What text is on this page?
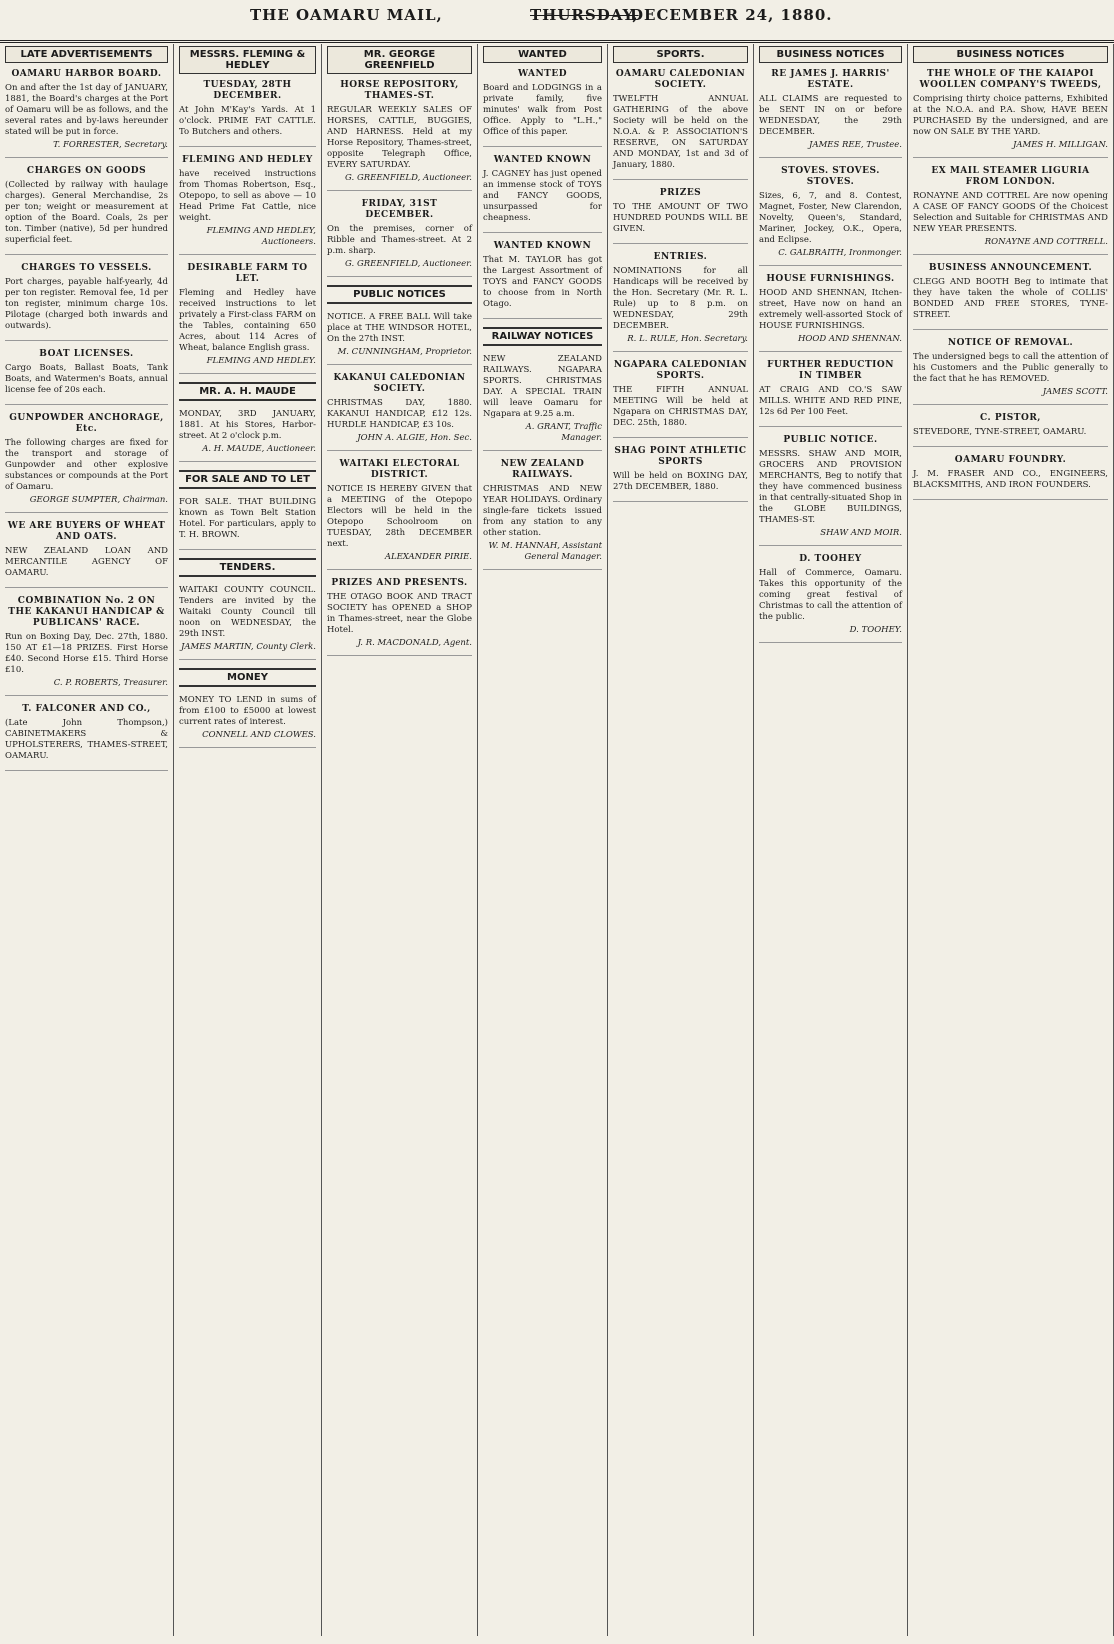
THE OAMARU MAIL,	THURSDAY,
DECEMBER 24, 1880.
LATE ADVERTISEMENTS
OAMARU HARBOR BOARD.
On and after the 1st day of JANUARY, 1881, the Board's charges at the Port of Oamaru will be as follows, and the several rates and by-laws hereunder stated will be put in force.
T. FORRESTER, Secretary.
CHARGES ON GOODS
(Collected by railway with haulage charges). General Merchandise, 2s per ton; weight or measurement at option of the Board. Coals, 2s per ton. Timber (native), 5d per hundred superficial feet.
CHARGES TO VESSELS.
Port charges, payable half-yearly, 4d per ton register. Removal fee, 1d per ton register, minimum charge 10s. Pilotage (charged both inwards and outwards).
BOAT LICENSES.
Cargo Boats, Ballast Boats, Tank Boats, and Watermen's Boats, annual license fee of 20s each.
GUNPOWDER ANCHORAGE, Etc.
The following charges are fixed for the transport and storage of Gunpowder and other explosive substances or compounds at the Port of Oamaru.
GEORGE SUMPTER, Chairman.
WE ARE BUYERS OF WHEAT AND OATS.
NEW ZEALAND LOAN AND MERCANTILE AGENCY OF OAMARU.
COMBINATION No. 2 ON THE KAKANUI HANDICAP & PUBLICANS' RACE.
Run on Boxing Day, Dec. 27th, 1880. 150 AT £1—18 PRIZES. First Horse £40. Second Horse £15. Third Horse £10.
C. P. ROBERTS, Treasurer.
T. FALCONER AND CO.,
(Late John Thompson,) CABINETMAKERS & UPHOLSTERERS, THAMES-STREET, OAMARU.
MESSRS. FLEMING & HEDLEY
TUESDAY, 28TH DECEMBER.
At John M'Kay's Yards. At 1 o'clock. PRIME FAT CATTLE. To Butchers and others.
FLEMING AND HEDLEY
have received instructions from Thomas Robertson, Esq., Otepopo, to sell as above — 10 Head Prime Fat Cattle, nice weight.
FLEMING AND HEDLEY, Auctioneers.
DESIRABLE FARM TO LET.
Fleming and Hedley have received instructions to let privately a First-class FARM on the Tables, containing 650 Acres, about 114 Acres of Wheat, balance English grass.
FLEMING AND HEDLEY.
MR. A. H. MAUDE
MONDAY, 3RD JANUARY, 1881. At his Stores, Harbor-street. At 2 o'clock p.m.
A. H. MAUDE, Auctioneer.
FOR SALE AND TO LET
FOR SALE. THAT BUILDING known as Town Belt Station Hotel. For particulars, apply to T. H. BROWN.
TENDERS.
WAITAKI COUNTY COUNCIL. Tenders are invited by the Waitaki County Council till noon on WEDNESDAY, the 29th INST.
JAMES MARTIN, County Clerk.
MONEY
MONEY TO LEND in sums of from £100 to £5000 at lowest current rates of interest.
CONNELL AND CLOWES.
MR. GEORGE GREENFIELD
HORSE REPOSITORY, THAMES-ST.
REGULAR WEEKLY SALES OF HORSES, CATTLE, BUGGIES, AND HARNESS. Held at my Horse Repository, Thames-street, opposite Telegraph Office, EVERY SATURDAY.
G. GREENFIELD, Auctioneer.
FRIDAY, 31ST DECEMBER.
On the premises, corner of Ribble and Thames-street. At 2 p.m. sharp.
G. GREENFIELD, Auctioneer.
PUBLIC NOTICES
NOTICE. A FREE BALL Will take place at THE WINDSOR HOTEL, On the 27th INST.
M. CUNNINGHAM, Proprietor.
KAKANUI CALEDONIAN SOCIETY.
CHRISTMAS DAY, 1880. KAKANUI HANDICAP, £12 12s. HURDLE HANDICAP, £3 10s.
JOHN A. ALGIE, Hon. Sec.
WAITAKI ELECTORAL DISTRICT.
NOTICE IS HEREBY GIVEN that a MEETING of the Otepopo Electors will be held in the Otepopo Schoolroom on TUESDAY, 28th DECEMBER next.
ALEXANDER PIRIE.
PRIZES AND PRESENTS.
THE OTAGO BOOK AND TRACT SOCIETY has OPENED a SHOP in Thames-street, near the Globe Hotel.
J. R. MACDONALD, Agent.
WANTED
WANTED
Board and LODGINGS in a private family, five minutes' walk from Post Office. Apply to "L.H.," Office of this paper.
WANTED KNOWN
J. CAGNEY has just opened an immense stock of TOYS and FANCY GOODS, unsurpassed for cheapness.
WANTED KNOWN
That M. TAYLOR has got the Largest Assortment of TOYS and FANCY GOODS to choose from in North Otago.
RAILWAY NOTICES
NEW ZEALAND RAILWAYS. NGAPARA SPORTS. CHRISTMAS DAY. A SPECIAL TRAIN will leave Oamaru for Ngapara at 9.25 a.m.
A. GRANT, Traffic Manager.
NEW ZEALAND RAILWAYS.
CHRISTMAS AND NEW YEAR HOLIDAYS. Ordinary single-fare tickets issued from any station to any other station.
W. M. HANNAH, Assistant General Manager.
SPORTS.
OAMARU CALEDONIAN SOCIETY.
TWELFTH ANNUAL GATHERING of the above Society will be held on the N.O.A. & P. ASSOCIATION'S RESERVE, ON SATURDAY AND MONDAY, 1st and 3d of January, 1880.
PRIZES
TO THE AMOUNT OF TWO HUNDRED POUNDS WILL BE GIVEN.
ENTRIES.
NOMINATIONS for all Handicaps will be received by the Hon. Secretary (Mr. R. L. Rule) up to 8 p.m. on WEDNESDAY, 29th DECEMBER.
R. L. RULE, Hon. Secretary.
NGAPARA CALEDONIAN SPORTS.
THE FIFTH ANNUAL MEETING Will be held at Ngapara on CHRISTMAS DAY, DEC. 25th, 1880.
SHAG POINT ATHLETIC SPORTS
Will be held on BOXING DAY, 27th DECEMBER, 1880.
BUSINESS NOTICES
RE JAMES J. HARRIS' ESTATE.
ALL CLAIMS are requested to be SENT IN on or before WEDNESDAY, the 29th DECEMBER.
JAMES REE, Trustee.
STOVES. STOVES. STOVES.
Sizes, 6, 7, and 8. Contest, Magnet, Foster, New Clarendon, Novelty, Queen's, Standard, Mariner, Jockey, O.K., Opera, and Eclipse.
C. GALBRAITH, Ironmonger.
HOUSE FURNISHINGS.
HOOD AND SHENNAN, Itchen-street, Have now on hand an extremely well-assorted Stock of HOUSE FURNISHINGS.
HOOD AND SHENNAN.
FURTHER REDUCTION IN TIMBER
AT CRAIG AND CO.'S SAW MILLS. WHITE AND RED PINE, 12s 6d Per 100 Feet.
PUBLIC NOTICE.
MESSRS. SHAW AND MOIR, GROCERS AND PROVISION MERCHANTS, Beg to notify that they have commenced business in that centrally-situated Shop in the GLOBE BUILDINGS, THAMES-ST.
SHAW AND MOIR.
D. TOOHEY
Hall of Commerce, Oamaru. Takes this opportunity of the coming great festival of Christmas to call the attention of the public.
D. TOOHEY.
BUSINESS NOTICES
THE WHOLE OF THE KAIAPOI WOOLLEN COMPANY'S TWEEDS,
Comprising thirty choice patterns, Exhibited at the N.O.A. and P.A. Show, HAVE BEEN PURCHASED By the undersigned, and are now ON SALE BY THE YARD.
JAMES H. MILLIGAN.
EX MAIL STEAMER LIGURIA FROM LONDON.
RONAYNE AND COTTREL Are now opening A CASE OF FANCY GOODS Of the Choicest Selection and Suitable for CHRISTMAS AND NEW YEAR PRESENTS.
RONAYNE AND COTTRELL.
BUSINESS ANNOUNCEMENT.
CLEGG AND BOOTH Beg to intimate that they have taken the whole of COLLIS' BONDED AND FREE STORES, TYNE-STREET.
NOTICE OF REMOVAL.
The undersigned begs to call the attention of his Customers and the Public generally to the fact that he has REMOVED.
JAMES SCOTT.
C. PISTOR,
STEVEDORE, TYNE-STREET, OAMARU.
OAMARU FOUNDRY.
J. M. FRASER AND CO., ENGINEERS, BLACKSMITHS, AND IRON FOUNDERS.
